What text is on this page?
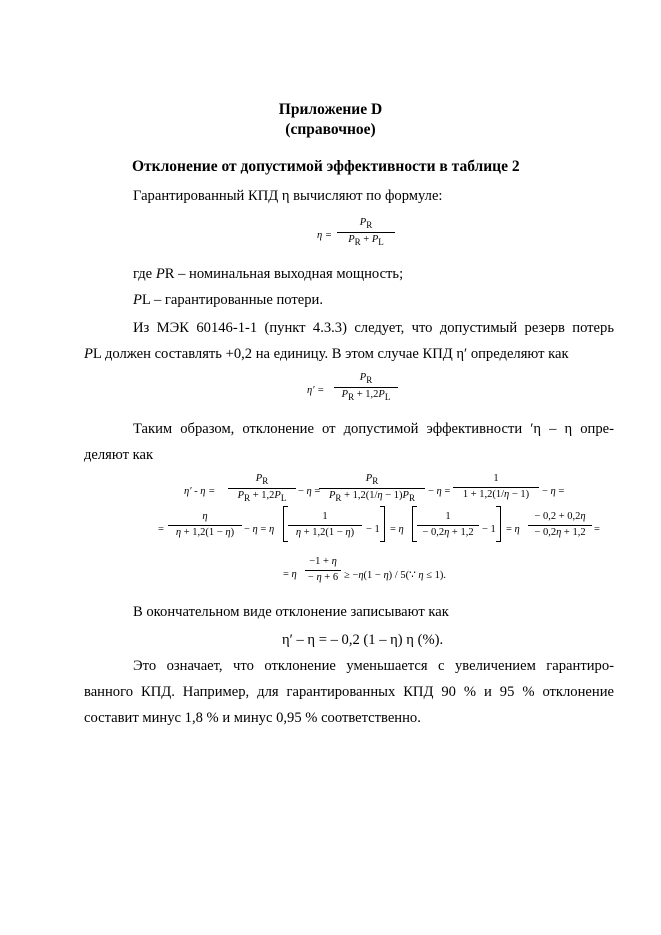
Приложение D
(справочное)
Отклонение от допустимой эффективности в таблице 2
Гарантированный КПД η вычисляют по формуле:
η =
PR
PR + PL
где PR – номинальная выходная мощность;
PL – гарантированные потери.
Из МЭК 60146-1-1 (пункт 4.3.3) следует, что допустимый резерв потерь
PL должен составлять +0,2 на единицу. В этом случае КПД η′ определяют как
η′ =
PR
PR + 1,2PL
Таким образом, отклонение от допустимой эффективности ′η – η опре-
деляют как
η′ - η =
PR
PR + 1,2PL
− η =
PR
PR + 1,2(1/η − 1)PR
− η =
1
1 + 1,2(1/η − 1)	− η =
=
η
η + 1,2(1 − η) − η = η
1
η + 1,2(1 − η)	− 1 = η
1
− 0,2η + 1,2 − 1 = η
− 0,2 + 0,2η
− 0,2η + 1,2 =
= η
−1 + η
− η + 6 ≥ −η(1 − η) / 5(∵ η ≤ 1).
В окончательном виде отклонение записывают как
η′ – η = – 0,2 (1 – η) η (%).
Это означает, что отклонение уменьшается с увеличением гарантиро-
ванного КПД. Например, для гарантированных КПД 90 % и 95 % отклонение
составит минус 1,8 % и минус 0,95 % соответственно.
